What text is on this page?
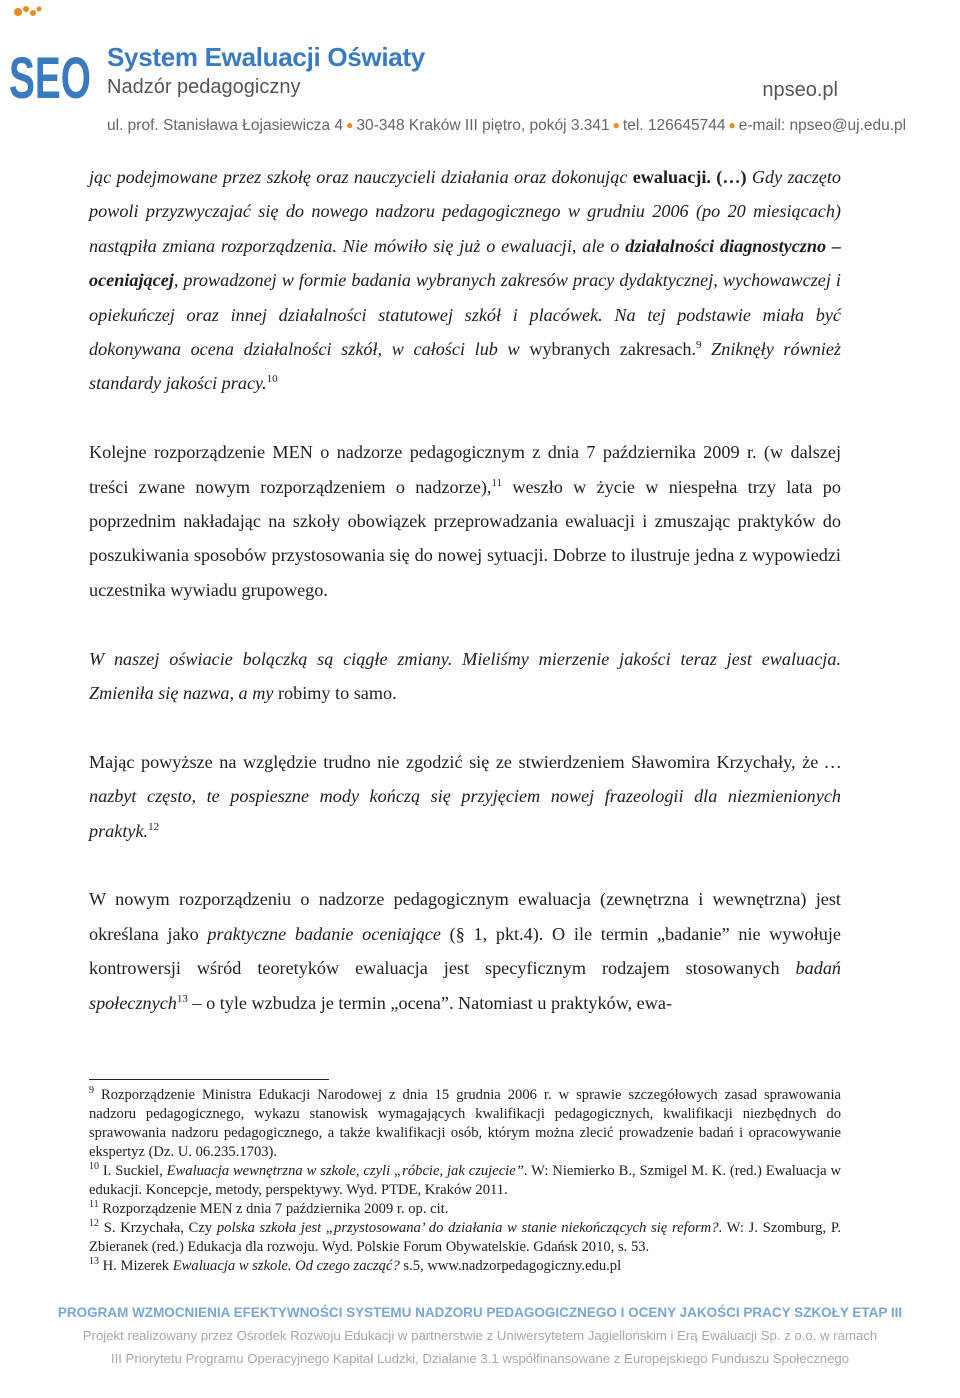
SEO System Ewaluacji Oświaty
Nadzór pedagogiczny	npseo.pl
ul. prof. Stanisława Łojasiewicza 4 ● 30-348 Kraków III piętro, pokój 3.341 ● tel. 126645744 ● e-mail: npseo@uj.edu.pl

jąc podejmowane przez szkołę oraz nauczycieli działania oraz dokonując ewaluacji. (…) Gdy zaczęto powoli przyzwyczajać się do nowego nadzoru pedagogicznego w grudniu 2006 (po 20 miesiącach) nastąpiła zmiana rozporządzenia. Nie mówiło się już o ewaluacji, ale o działalności diagnostyczno – oceniającej, prowadzonej w formie badania wybranych zakresów pracy dydaktycznej, wychowawczej i opiekuńczej oraz innej działalności statutowej szkół i placówek. Na tej podstawie miała być dokonywana ocena działalności szkół, w całości lub w wybranych zakresach.$^9$ Zniknęły również standardy jakości pracy.$^{10}$

Kolejne rozporządzenie MEN o nadzorze pedagogicznym z dnia 7 października 2009 r. (w dalszej treści zwane nowym rozporządzeniem o nadzorze),$^{11}$ weszło w życie w niespełna trzy lata po poprzednim nakładając na szkoły obowiązek przeprowadzania ewaluacji i zmuszając praktyków do poszukiwania sposobów przystosowania się do nowej sytuacji. Dobrze to ilustruje jedna z wypowiedzi uczestnika wywiadu grupowego.

W naszej oświacie bolączką są ciągłe zmiany. Mieliśmy mierzenie jakości teraz jest ewaluacja. Zmieniła się nazwa, a my robimy to samo.

Mając powyższe na względzie trudno nie zgodzić się ze stwierdzeniem Sławomira Krzychały, że …nazbyt często, te pospieszne mody kończą się przyjęciem nowej frazeologii dla niezmienionych praktyk.$^{12}$

W nowym rozporządzeniu o nadzorze pedagogicznym ewaluacja (zewnętrzna i wewnętrzna) jest określana jako praktyczne badanie oceniające (§ 1, pkt.4). O ile termin „badanie” nie wywołuje kontrowersji wśród teoretyków ewaluacja jest specyficznym rodzajem stosowanych badań społecznych$^{13}$ – o tyle wzbudza je termin „ocena”. Natomiast u praktyków, ewa-

$^9$ Rozporządzenie Ministra Edukacji Narodowej z dnia 15 grudnia 2006 r. w sprawie szczegółowych zasad sprawowania nadzoru pedagogicznego, wykazu stanowisk wymagających kwalifikacji pedagogicznych, kwalifikacji niezbędnych do sprawowania nadzoru pedagogicznego, a także kwalifikacji osób, którym można zlecić prowadzenie badań i opracowywanie ekspertyz (Dz. U. 06.235.1703).

$^{10}$ I. Suckiel, Ewaluacja wewnętrzna w szkole, czyli „róbcie, jak czujecie”. W: Niemierko B., Szmigel M. K. (red.) Ewaluacja w edukacji. Koncepcje, metody, perspektywy. Wyd. PTDE, Kraków 2011.

$^{11}$ Rozporządzenie MEN z dnia 7 października 2009 r. op. cit.

$^{12}$ S. Krzychała, Czy polska szkoła jest „przystosowana’ do działania w stanie niekończących się reform?. W: J. Szomburg, P. Zbieranek (red.) Edukacja dla rozwoju. Wyd. Polskie Forum Obywatelskie. Gdańsk 2010, s. 53.

$^{13}$ H. Mizerek Ewaluacja w szkole. Od czego zacząć? s.5, www.nadzorpedagogiczny.edu.pl

PROGRAM WZMOCNIENIA EFEKTYWNOŚCI SYSTEMU NADZORU PEDAGOGICZNEGO I OCENY JAKOŚCI PRACY SZKOŁY ETAP III
Projekt realizowany przez Ośrodek Rozwoju Edukacji w partnerstwie z Uniwersytetem Jagiellońskim i Erą Ewaluacji Sp. z o.o. w ramach
III Priorytetu Programu Operacyjnego Kapitał Ludzki, Działanie 3.1 współfinansowane z Europejskiego Funduszu Społecznego
